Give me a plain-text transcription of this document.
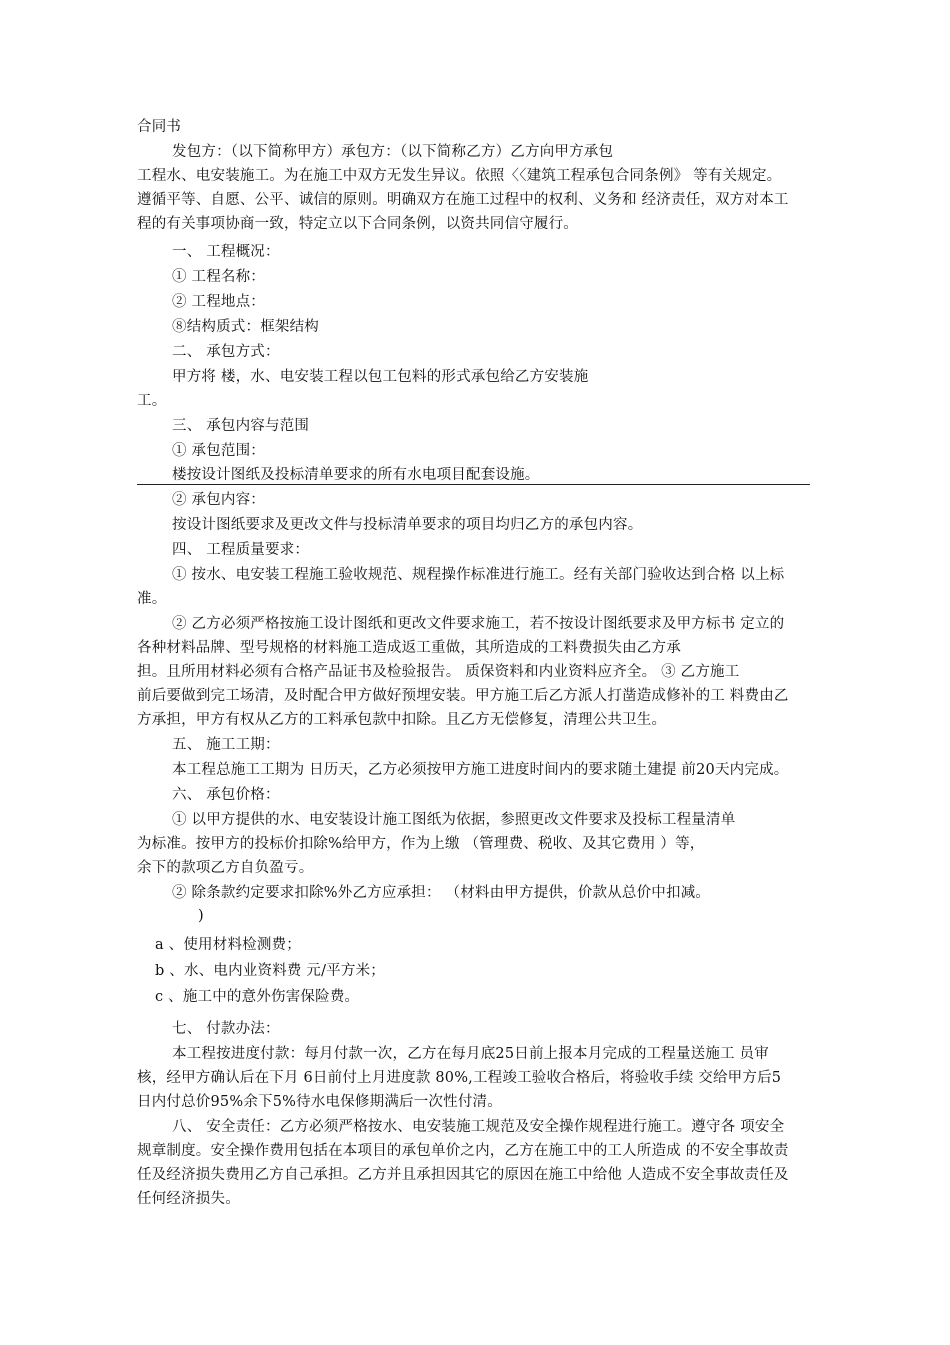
合同书
发包方：（以下简称甲方）承包方：（以下简称乙方）乙方向甲方承包
工程水、电安装施工。为在施工中双方无发生异议。依照〈〈建筑工程承包合同条例》 等有关规定。
遵循平等、自愿、公平、诚信的原则。明确双方在施工过程中的权利、义务和 经济责任，双方对本工
程的有关事项协商一致，特定立以下合同条例，以资共同信守履行。
一、 工程概况：
① 工程名称：
② 工程地点：
⑧结构质式：框架结构
二、 承包方式：
甲方将 楼，水、电安装工程以包工包料的形式承包给乙方安装施
工。
三、 承包内容与范围
① 承包范围：
楼按设计图纸及投标清单要求的所有水电项目配套设施。
② 承包内容：
按设计图纸要求及更改文件与投标清单要求的项目均归乙方的承包内容。
四、 工程质量要求：
① 按水、电安装工程施工验收规范、规程操作标准进行施工。经有关部门验收达到合格 以上标
准。
② 乙方必须严格按施工设计图纸和更改文件要求施工，若不按设计图纸要求及甲方标书 定立的
各种材料品牌、型号规格的材料施工造成返工重做，其所造成的工料费损失由乙方承
担。且所用材料必须有合格产品证书及检验报告。 质保资料和内业资料应齐全。 ③ 乙方施工
前后要做到完工场清，及时配合甲方做好预埋安装。甲方施工后乙方派人打凿造成修补的工 料费由乙
方承担，甲方有权从乙方的工料承包款中扣除。且乙方无偿修复，清理公共卫生。
五、 施工工期：
本工程总施工工期为 日历天，乙方必须按甲方施工进度时间内的要求随土建提 前20天内完成。
六、 承包价格：
① 以甲方提供的水、电安装设计施工图纸为依据，参照更改文件要求及投标工程量清单
为标准。按甲方的投标价扣除%给甲方，作为上缴 （管理费、税收、及其它费用 ）等，
余下的款项乙方自负盈亏。
② 除条款约定要求扣除%外乙方应承担： （材料由甲方提供，价款从总价中扣减。
)
a 、使用材料检测费；
b 、水、电内业资料费 元/平方米；
c 、施工中的意外伤害保险费。
七、 付款办法：
本工程按进度付款：每月付款一次，乙方在每月底25日前上报本月完成的工程量送施工 员审
核，经甲方确认后在下月 6日前付上月进度款 80%,工程竣工验收合格后，将验收手续 交给甲方后5
日内付总价95%余下5%待水电保修期满后一次性付清。
八、 安全责任：乙方必须严格按水、电安装施工规范及安全操作规程进行施工。遵守各 项安全
规章制度。安全操作费用包括在本项目的承包单价之内，乙方在施工中的工人所造成 的不安全事故责
任及经济损失费用乙方自己承担。乙方并且承担因其它的原因在施工中给他 人造成不安全事故责任及
任何经济损失。
